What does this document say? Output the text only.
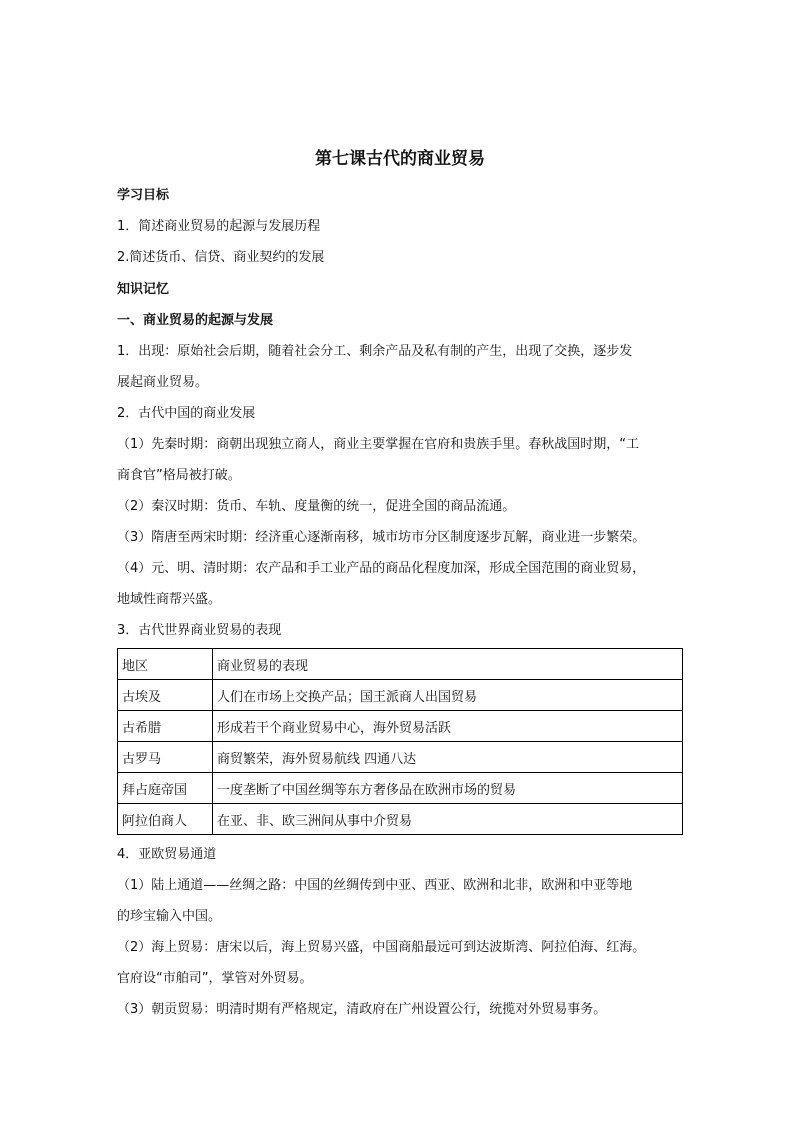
第七课古代的商业贸易
学习目标
1．简述商业贸易的起源与发展历程
2.简述货币、信贷、商业契约的发展
知识记忆
一、商业贸易的起源与发展
1．出现：原始社会后期，随着社会分工、剩余产品及私有制的产生，出现了交换，逐步发
展起商业贸易。
2．古代中国的商业发展
（1）先秦时期：商朝出现独立商人，商业主要掌握在官府和贵族手里。春秋战国时期，“工
商食官”格局被打破。
（2）秦汉时期：货币、车轨、度量衡的统一，促进全国的商品流通。
（3）隋唐至两宋时期：经济重心逐渐南移，城市坊市分区制度逐步瓦解，商业进一步繁荣。
（4）元、明、清时期：农产品和手工业产品的商品化程度加深，形成全国范围的商业贸易，
地域性商帮兴盛。
3．古代世界商业贸易的表现
地区	商业贸易的表现
古埃及	人们在市场上交换产品；国王派商人出国贸易
古希腊	形成若干个商业贸易中心，海外贸易活跃
古罗马	商贸繁荣，海外贸易航线 四通八达
拜占庭帝国	一度垄断了中国丝绸等东方奢侈品在欧洲市场的贸易
阿拉伯商人	在亚、非、欧三洲间从事中介贸易
4．亚欧贸易通道
（1）陆上通道——丝绸之路：中国的丝绸传到中亚、西亚、欧洲和北非，欧洲和中亚等地
的珍宝输入中国。
（2）海上贸易：唐宋以后，海上贸易兴盛，中国商船最远可到达波斯湾、阿拉伯海、红海。
官府设“市舶司”，掌管对外贸易。
（3）朝贡贸易：明清时期有严格规定，清政府在广州设置公行，统揽对外贸易事务。
